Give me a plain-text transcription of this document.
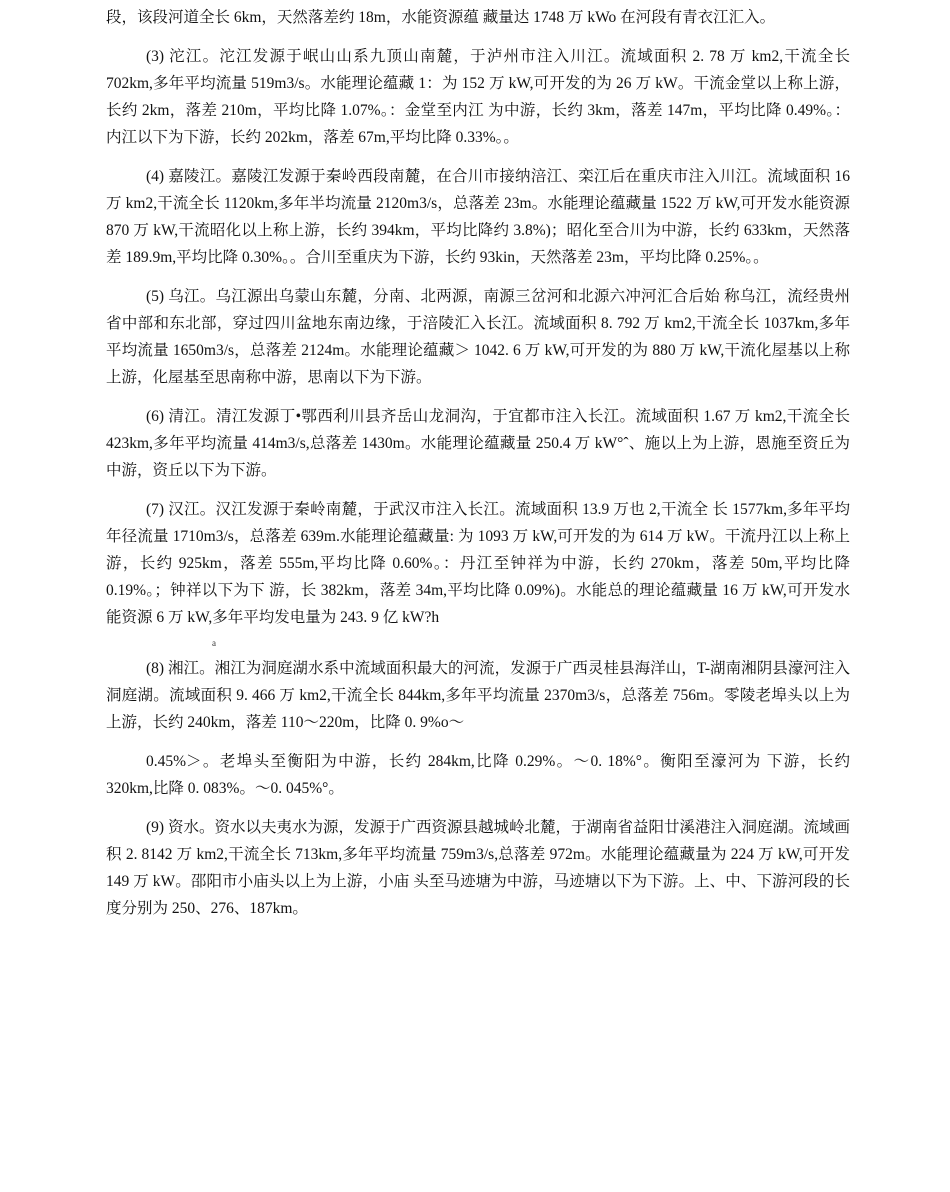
段，该段河道全长 6km，天然落差约 18m，水能资源蕴 藏量达 1748 万 kWo 在河段有青衣江汇入。

(3) 沱江。沱江发源于岷山山系九顶山南麓，于泸州市注入川江。流域面积 2. 78 万 km2,干流全长 702km,多年平均流量 519m3/s。水能理论蕴藏 1：为 152 万 kW,可开发的为 26 万 kW。干流金堂以上称上游，长约 2km，落差 210m，平均比降 1.07%。：金堂至内江 为中游，长约 3km，落差 147m，平均比降 0.49%。：内江以下为下游，长约 202km，落差 67m,平均比降 0.33%。。

(4) 嘉陵江。嘉陵江发源于秦岭西段南麓，在合川市接纳涪江、栾江后在重庆市注入川江。流域面积 16 万 km2,干流全长 1120km,多年半均流量 2120m3/s，总落差 23m。水能理论蕴藏量 1522 万 kW,可开发水能资源 870 万 kW,干流昭化以上称上游，长约 394km，平均比降约 3.8%)；昭化至合川为中游，长约 633km，天然落差 189.9m,平均比降 0.30%。。合川至重庆为下游，长约 93kin，天然落差 23m，平均比降 0.25%。。

(5) 乌江。乌江源出乌蒙山东麓，分南、北两源，南源三岔河和北源六冲河汇合后始 称乌江，流经贵州省中部和东北部，穿过四川盆地东南边缘，于涪陵汇入长江。流域面积 8. 792 万 km2,干流全长 1037km,多年平均流量 1650m3/s，总落差 2124m。水能理论蕴藏＞ 1042. 6 万 kW,可开发的为 880 万 kW,干流化屋基以上称上游，化屋基至思南称中游，思南以下为下游。

(6) 清江。清江发源丁•鄂西利川县齐岳山龙洞沟，于宜都市注入长江。流域面积 1.67 万 km2,干流全长 423km,多年平均流量 414m3/s,总落差 1430m。水能理论蕴藏量 250.4 万 kW°ˆ、施以上为上游，恩施至资丘为中游，资丘以下为下游。

(7) 汉江。汉江发源于秦岭南麓，于武汉市注入长江。流域面积 13.9 万也 2,干流全 长 1577km,多年平均年径流量 1710m3/s，总落差 639m.水能理论蕴藏量: 为 1093 万 kW,可开发的为 614 万 kW。干流丹江以上称上游，长约 925km，落差 555m,平均比降 0.60%。：丹江至钟祥为中游，长约 270km，落差 50m,平均比降 0.19%。；钟祥以下为下 游，长 382km，落差 34m,平均比降 0.09%)。水能总的理论蕴藏量 16 万 kW,可开发水 能资源 6 万 kW,多年平均发电量为 243. 9 亿 kW?h

a

(8) 湘江。湘江为洞庭湖水系中流域面积最大的河流，发源于广西灵桂县海洋山，T-湖南湘阴县濠河注入洞庭湖。流域面积 9. 466 万 km2,干流全长 844km,多年平均流量 2370m3/s，总落差 756m。零陵老埠头以上为上游，长约 240km，落差 110〜220m，比降 0. 9%o〜

0.45%＞。老埠头至衡阳为中游，长约 284km,比降 0.29%。〜0. 18%°。衡阳至濠河为 下游，长约 320km,比降 0. 083%。〜0. 045%°。

(9) 资水。资水以夫夷水为源，发源于广西资源县越城岭北麓，于湖南省益阳廿溪港注入洞庭湖。流域画积 2. 8142 万 km2,干流全长 713km,多年平均流量 759m3/s,总落差 972m。水能理论蕴藏量为 224 万 kW,可开发 149 万 kW。邵阳市小庙头以上为上游，小庙 头至马迹塘为中游，马迹塘以下为下游。上、中、下游河段的长度分别为 250、276、187km。
